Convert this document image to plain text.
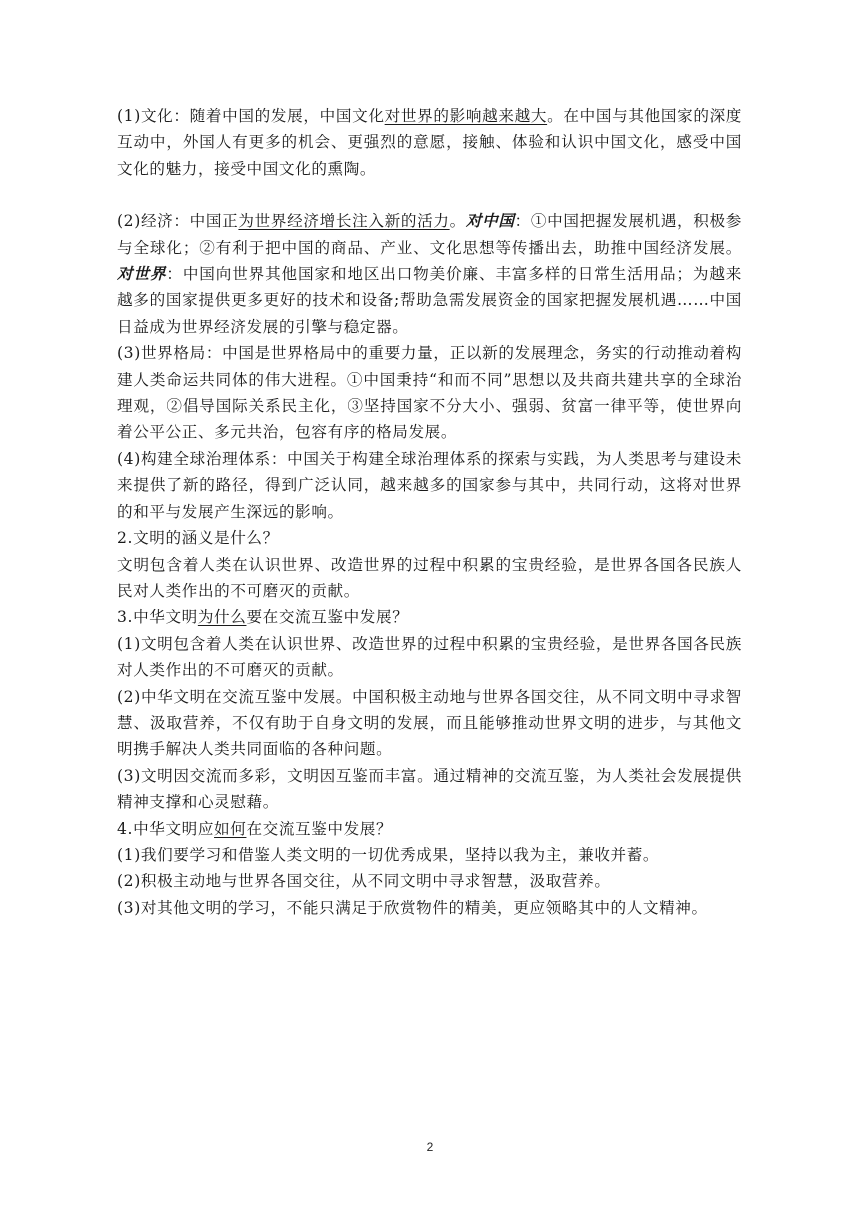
(1)文化：随着中国的发展，中国文化对世界的影响越来越大。在中国与其他国家的深度互动中，外国人有更多的机会、更强烈的意愿，接触、体验和认识中国文化，感受中国文化的魅力，接受中国文化的熏陶。

(2)经济：中国正为世界经济增长注入新的活力。对中国：①中国把握发展机遇，积极参与全球化；②有利于把中国的商品、产业、文化思想等传播出去，助推中国经济发展。对世界：中国向世界其他国家和地区出口物美价廉、丰富多样的日常生活用品；为越来越多的国家提供更多更好的技术和设备;帮助急需发展资金的国家把握发展机遇……中国日益成为世界经济发展的引擎与稳定器。

(3)世界格局：中国是世界格局中的重要力量，正以新的发展理念，务实的行动推动着构建人类命运共同体的伟大进程。①中国秉持“和而不同”思想以及共商共建共享的全球治理观，②倡导国际关系民主化，③坚持国家不分大小、强弱、贫富一律平等，使世界向着公平公正、多元共治，包容有序的格局发展。

(4)构建全球治理体系：中国关于构建全球治理体系的探索与实践，为人类思考与建设未来提供了新的路径，得到广泛认同，越来越多的国家参与其中，共同行动，这将对世界的和平与发展产生深远的影响。

2.文明的涵义是什么？

文明包含着人类在认识世界、改造世界的过程中积累的宝贵经验，是世界各国各民族人民对人类作出的不可磨灭的贡献。

3.中华文明为什么要在交流互鉴中发展？

(1)文明包含着人类在认识世界、改造世界的过程中积累的宝贵经验，是世界各国各民族对人类作出的不可磨灭的贡献。

(2)中华文明在交流互鉴中发展。中国积极主动地与世界各国交往，从不同文明中寻求智慧、汲取营养，不仅有助于自身文明的发展，而且能够推动世界文明的进步，与其他文明携手解决人类共同面临的各种问题。

(3)文明因交流而多彩，文明因互鉴而丰富。通过精神的交流互鉴，为人类社会发展提供精神支撑和心灵慰藉。

4.中华文明应如何在交流互鉴中发展？

(1)我们要学习和借鉴人类文明的一切优秀成果，坚持以我为主，兼收并蓄。

(2)积极主动地与世界各国交往，从不同文明中寻求智慧，汲取营养。

(3)对其他文明的学习，不能只满足于欣赏物件的精美，更应领略其中的人文精神。

2
